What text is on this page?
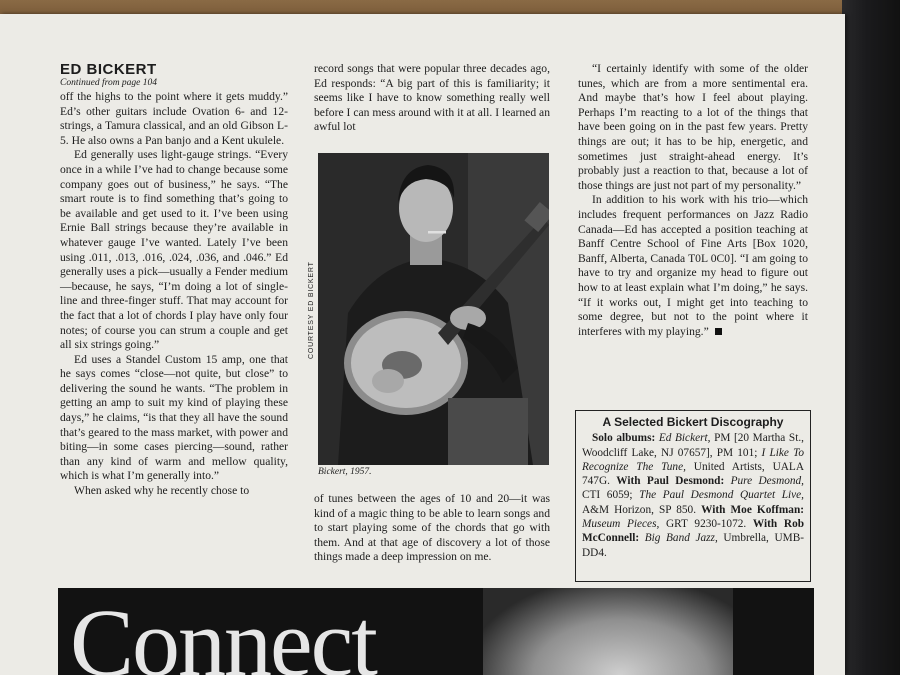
ED BICKERT
Continued from page 104

off the highs to the point where it gets muddy.” Ed’s other guitars include Ovation 6- and 12-strings, a Tamura classical, and an old Gibson L-5. He also owns a Pan banjo and a Kent ukulele.

Ed generally uses light-gauge strings. “Every once in a while I’ve had to change because some company goes out of business,” he says. “The smart route is to find something that’s going to be available and get used to it. I’ve been using Ernie Ball strings because they’re available in whatever gauge I’ve wanted. Lately I’ve been using .011, .013, .016, .024, .036, and .046.” Ed generally uses a pick—usually a Fender medium—because, he says, “I’m doing a lot of single-line and three-finger stuff. That may account for the fact that a lot of chords I play have only four notes; of course you can strum a couple and get all six strings going.”

Ed uses a Standel Custom 15 amp, one that he says comes “close—not quite, but close” to delivering the sound he wants. “The problem in getting an amp to suit my kind of playing these days,” he claims, “is that they all have the sound that’s geared to the mass market, with power and biting—in some cases piercing—sound, rather than any kind of warm and mellow quality, which is what I’m generally into.”

When asked why he recently chose to

record songs that were popular three decades ago, Ed responds: “A big part of this is familiarity; it seems like I have to know something really well before I can mess around with it at all. I learned an awful lot

COURTESY ED BICKERT
Bickert, 1957.

of tunes between the ages of 10 and 20—it was kind of a magic thing to be able to learn songs and to start playing some of the chords that go with them. And at that age of discovery a lot of those things made a deep impression on me.

“I certainly identify with some of the older tunes, which are from a more sentimental era. And maybe that’s how I feel about playing. Perhaps I’m reacting to a lot of the things that have been going on in the past few years. Pretty things are out; it has to be hip, energetic, and sometimes just straight-ahead energy. It’s probably just a reaction to that, because a lot of those things are just not part of my personality.”

In addition to his work with his trio—which includes frequent performances on Jazz Radio Canada—Ed has accepted a position teaching at Banff Centre School of Fine Arts [Box 1020, Banff, Alberta, Canada T0L 0C0]. “I am going to have to try and organize my head to figure out how to at least explain what I’m doing,” he says. “If it works out, I might get into teaching to some degree, but not to the point where it interferes with my playing.”

A Selected Bickert Discography

Solo albums: Ed Bickert, PM [20 Martha St., Woodcliff Lake, NJ 07657], PM 101; I Like To Recognize The Tune, United Artists, UALA 747G. With Paul Desmond: Pure Desmond, CTI 6059; The Paul Desmond Quartet Live, A&M Horizon, SP 850. With Moe Koffman: Museum Pieces, GRT 9230-1072. With Rob McConnell: Big Band Jazz, Umbrella, UMB-DD4.

Connect
